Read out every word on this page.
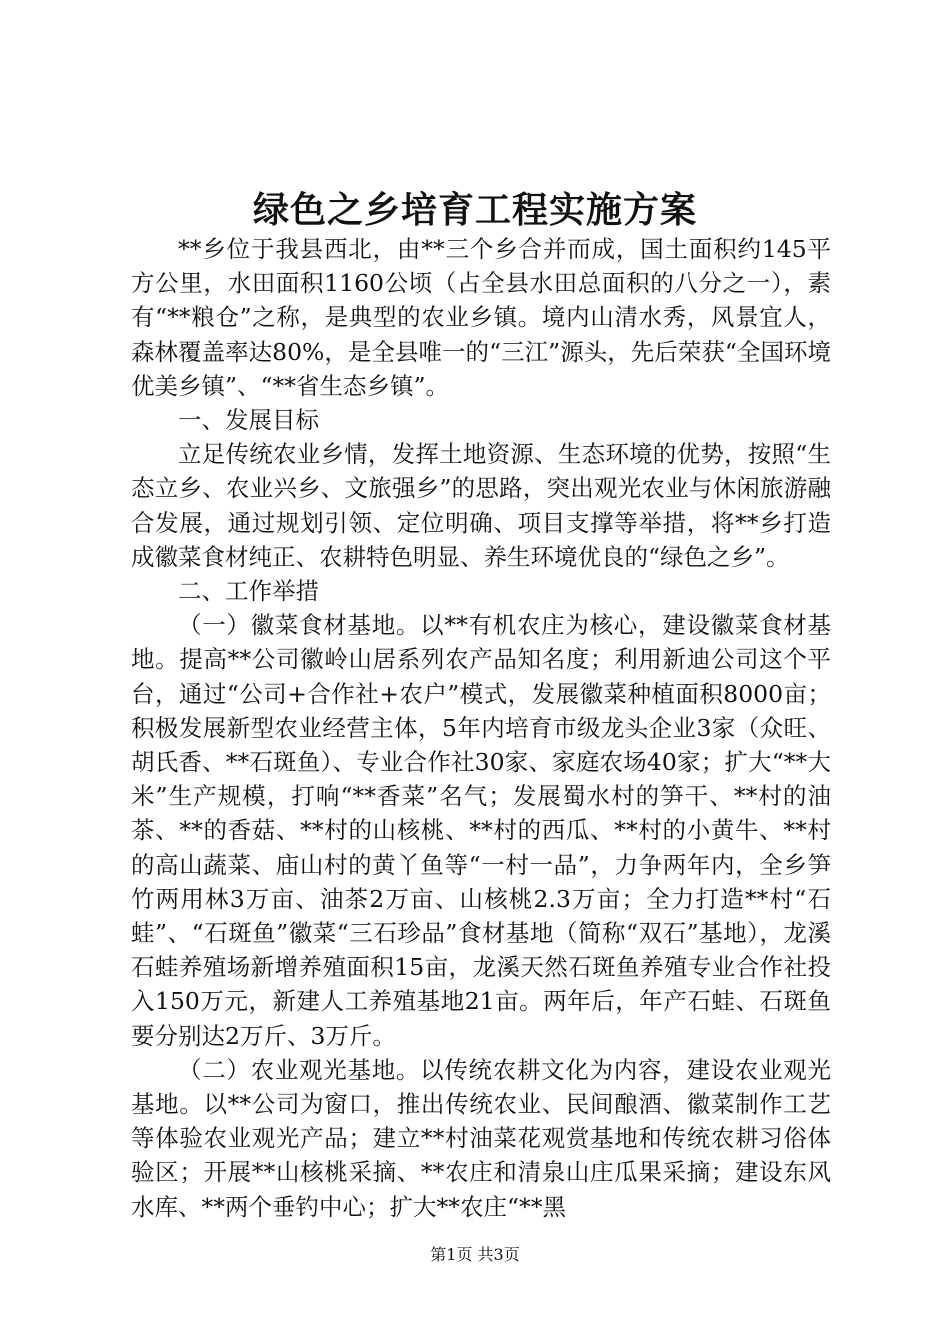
绿色之乡培育工程实施方案

**乡位于我县西北，由**三个乡合并而成，国土面积约145平方公里，水田面积1160公顷（占全县水田总面积的八分之一），素有“**粮仓”之称，是典型的农业乡镇。境内山清水秀，风景宜人，森林覆盖率达80%，是全县唯一的“三江”源头，先后荣获“全国环境优美乡镇”、“**省生态乡镇”。

一、发展目标

立足传统农业乡情，发挥土地资源、生态环境的优势，按照“生态立乡、农业兴乡、文旅强乡”的思路，突出观光农业与休闲旅游融合发展，通过规划引领、定位明确、项目支撑等举措，将**乡打造成徽菜食材纯正、农耕特色明显、养生环境优良的“绿色之乡”。

二、工作举措

（一）徽菜食材基地。以**有机农庄为核心，建设徽菜食材基地。提高**公司徽岭山居系列农产品知名度；利用新迪公司这个平台，通过“公司+合作社+农户”模式，发展徽菜种植面积8000亩；积极发展新型农业经营主体，5年内培育市级龙头企业3家（众旺、胡氏香、**石斑鱼）、专业合作社30家、家庭农场40家；扩大“**大米”生产规模，打响“**香菜”名气；发展蜀水村的笋干、**村的油茶、**的香菇、**村的山核桃、**村的西瓜、**村的小黄牛、**村的高山蔬菜、庙山村的黄丫鱼等“一村一品”，力争两年内，全乡笋竹两用林3万亩、油茶2万亩、山核桃2.3万亩；全力打造**村“石蛙”、“石斑鱼”徽菜“三石珍品”食材基地（简称“双石”基地），龙溪石蛙养殖场新增养殖面积15亩，龙溪天然石斑鱼养殖专业合作社投入150万元，新建人工养殖基地21亩。两年后，年产石蛙、石斑鱼要分别达2万斤、3万斤。

（二）农业观光基地。以传统农耕文化为内容，建设农业观光基地。以**公司为窗口，推出传统农业、民间酿酒、徽菜制作工艺等体验农业观光产品；建立**村油菜花观赏基地和传统农耕习俗体验区；开展**山核桃采摘、**农庄和清泉山庄瓜果采摘；建设东风水库、**两个垂钓中心；扩大**农庄“**黑

第1页 共3页
